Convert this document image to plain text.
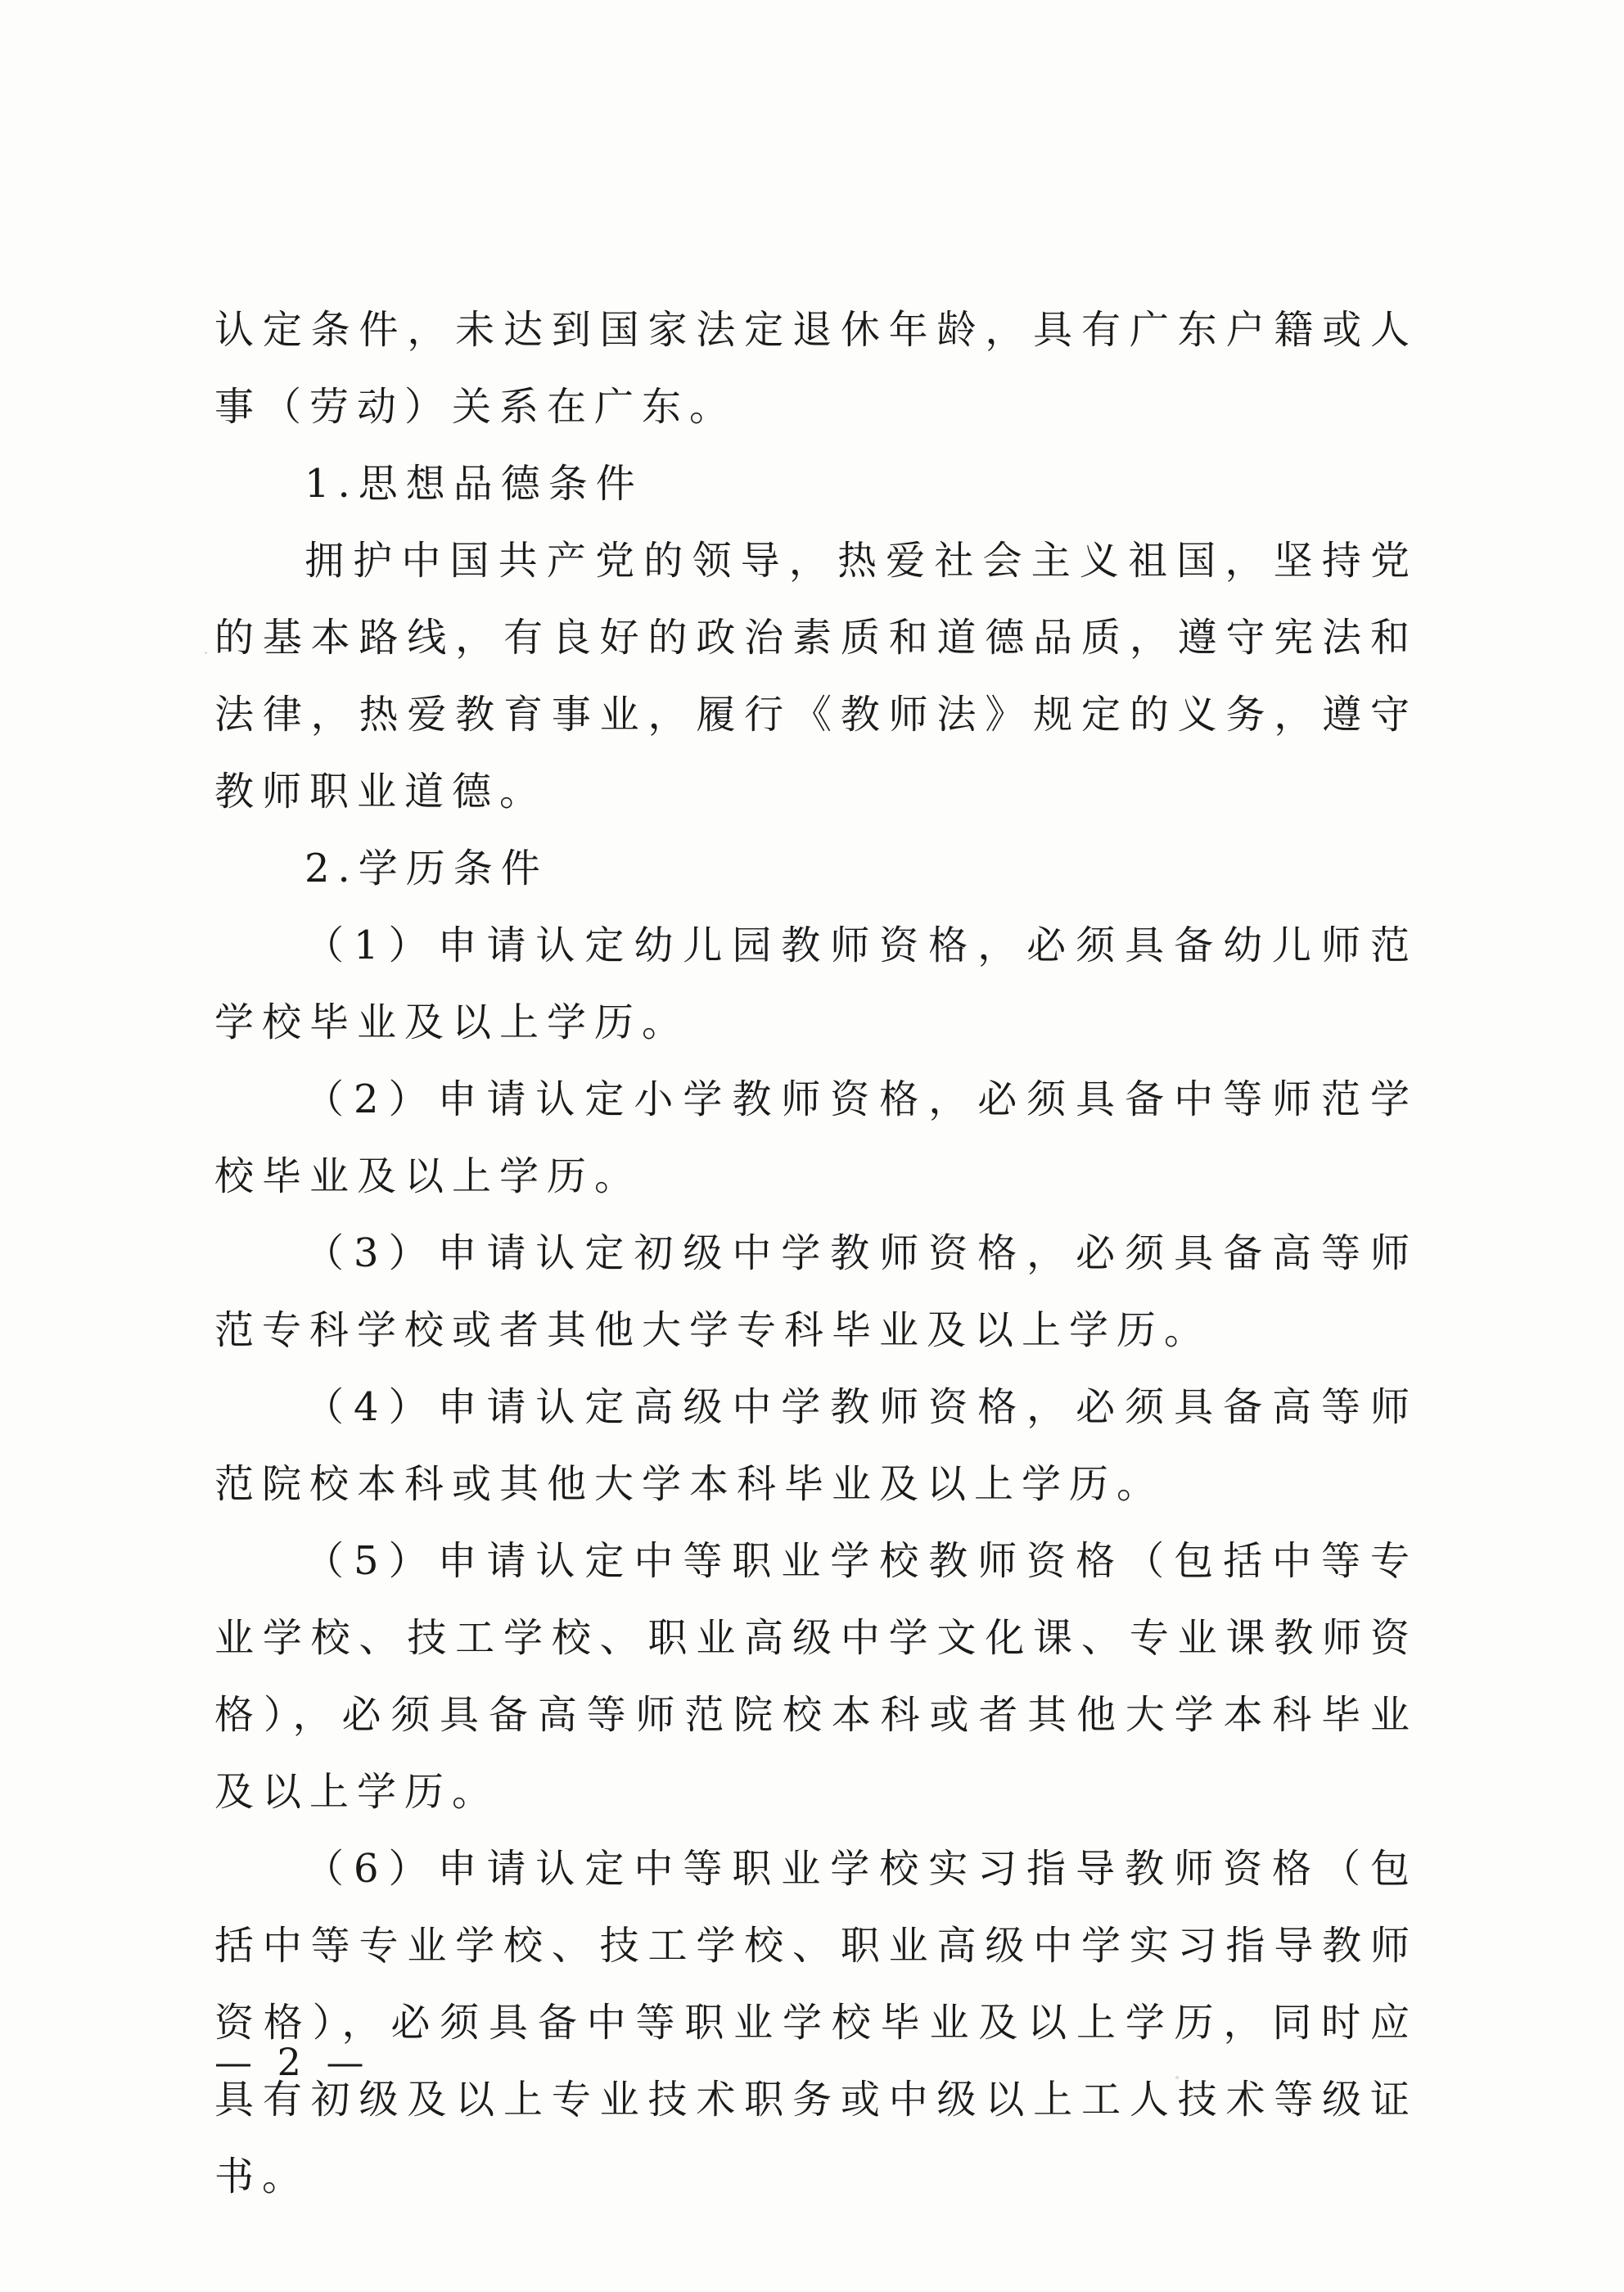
认定条件，未达到国家法定退休年龄，具有广东户籍或人事（劳动）关系在广东。

1.思想品德条件

拥护中国共产党的领导，热爱社会主义祖国，坚持党的基本路线，有良好的政治素质和道德品质，遵守宪法和法律，热爱教育事业，履行《教师法》规定的义务，遵守教师职业道德。

2.学历条件

（1）申请认定幼儿园教师资格，必须具备幼儿师范学校毕业及以上学历。

（2）申请认定小学教师资格，必须具备中等师范学校毕业及以上学历。

（3）申请认定初级中学教师资格，必须具备高等师范专科学校或者其他大学专科毕业及以上学历。

（4）申请认定高级中学教师资格，必须具备高等师范院校本科或其他大学本科毕业及以上学历。

（5）申请认定中等职业学校教师资格（包括中等专业学校、技工学校、职业高级中学文化课、专业课教师资格），必须具备高等师范院校本科或者其他大学本科毕业及以上学历。

（6）申请认定中等职业学校实习指导教师资格（包括中等专业学校、技工学校、职业高级中学实习指导教师资格），必须具备中等职业学校毕业及以上学历，同时应具有初级及以上专业技术职务或中级以上工人技术等级证书。

— 2 —
